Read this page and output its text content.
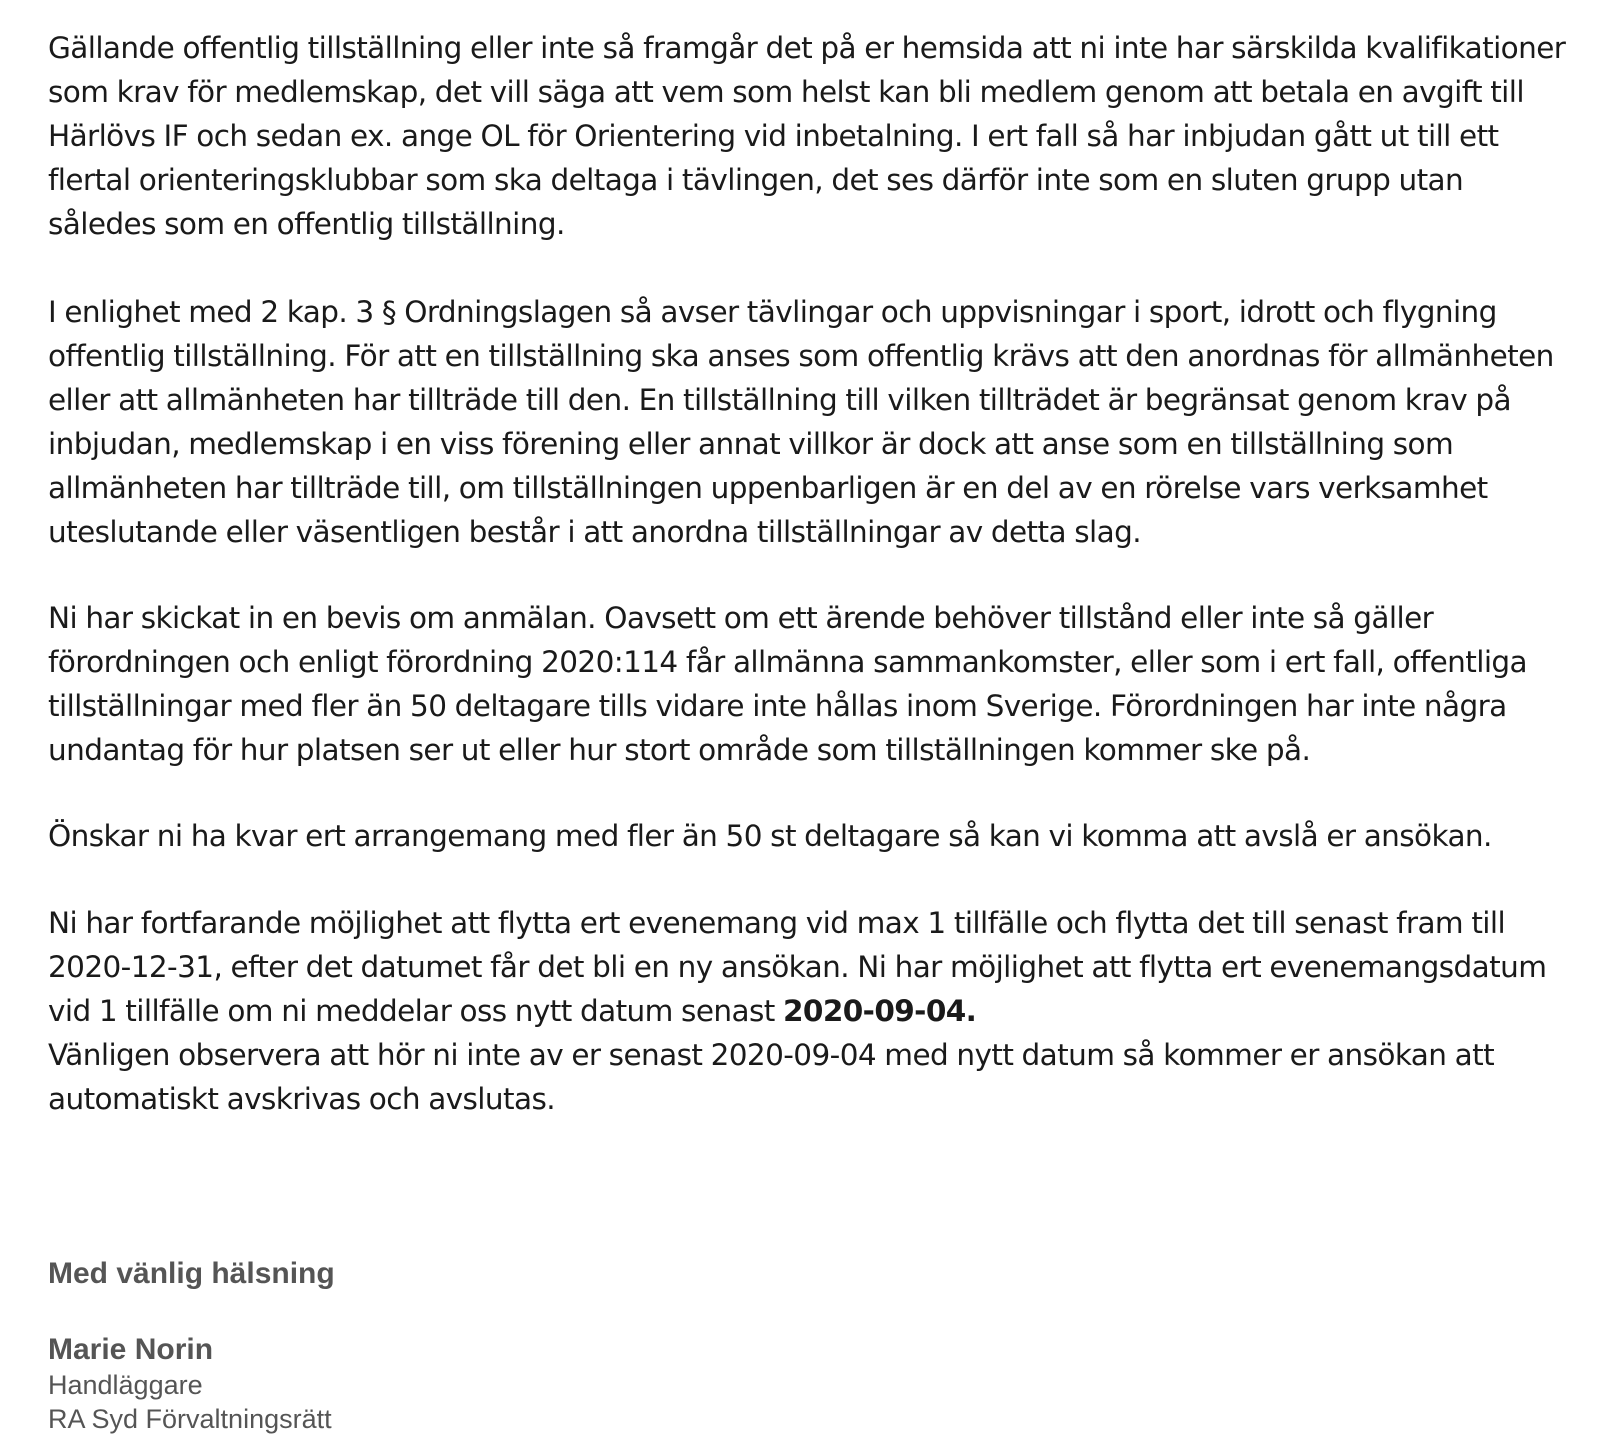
Gällande offentlig tillställning eller inte så framgår det på er hemsida att ni inte har särskilda kvalifikationer som krav för medlemskap, det vill säga att vem som helst kan bli medlem genom att betala en avgift till Härlövs IF och sedan ex. ange OL för Orientering vid inbetalning. I ert fall så har inbjudan gått ut till ett flertal orienteringsklubbar som ska deltaga i tävlingen, det ses därför inte som en sluten grupp utan således som en offentlig tillställning.

I enlighet med 2 kap. 3 § Ordningslagen så avser tävlingar och uppvisningar i sport, idrott och flygning offentlig tillställning. För att en tillställning ska anses som offentlig krävs att den anordnas för allmänheten eller att allmänheten har tillträde till den. En tillställning till vilken tillträdet är begränsat genom krav på inbjudan, medlemskap i en viss förening eller annat villkor är dock att anse som en tillställning som allmänheten har tillträde till, om tillställningen uppenbarligen är en del av en rörelse vars verksamhet uteslutande eller väsentligen består i att anordna tillställningar av detta slag.

Ni har skickat in en bevis om anmälan. Oavsett om ett ärende behöver tillstånd eller inte så gäller förordningen och enligt förordning 2020:114 får allmänna sammankomster, eller som i ert fall, offentliga tillställningar med fler än 50 deltagare tills vidare inte hållas inom Sverige. Förordningen har inte några undantag för hur platsen ser ut eller hur stort område som tillställningen kommer ske på.

Önskar ni ha kvar ert arrangemang med fler än 50 st deltagare så kan vi komma att avslå er ansökan.

Ni har fortfarande möjlighet att flytta ert evenemang vid max 1 tillfälle och flytta det till senast fram till 2020-12-31, efter det datumet får det bli en ny ansökan. Ni har möjlighet att flytta ert evenemangsdatum vid 1 tillfälle om ni meddelar oss nytt datum senast 2020-09-04.

Vänligen observera att hör ni inte av er senast 2020-09-04 med nytt datum så kommer er ansökan att automatiskt avskrivas och avslutas.

Med vänlig hälsning

Marie Norin

Handläggare

RA Syd Förvaltningsrätt
